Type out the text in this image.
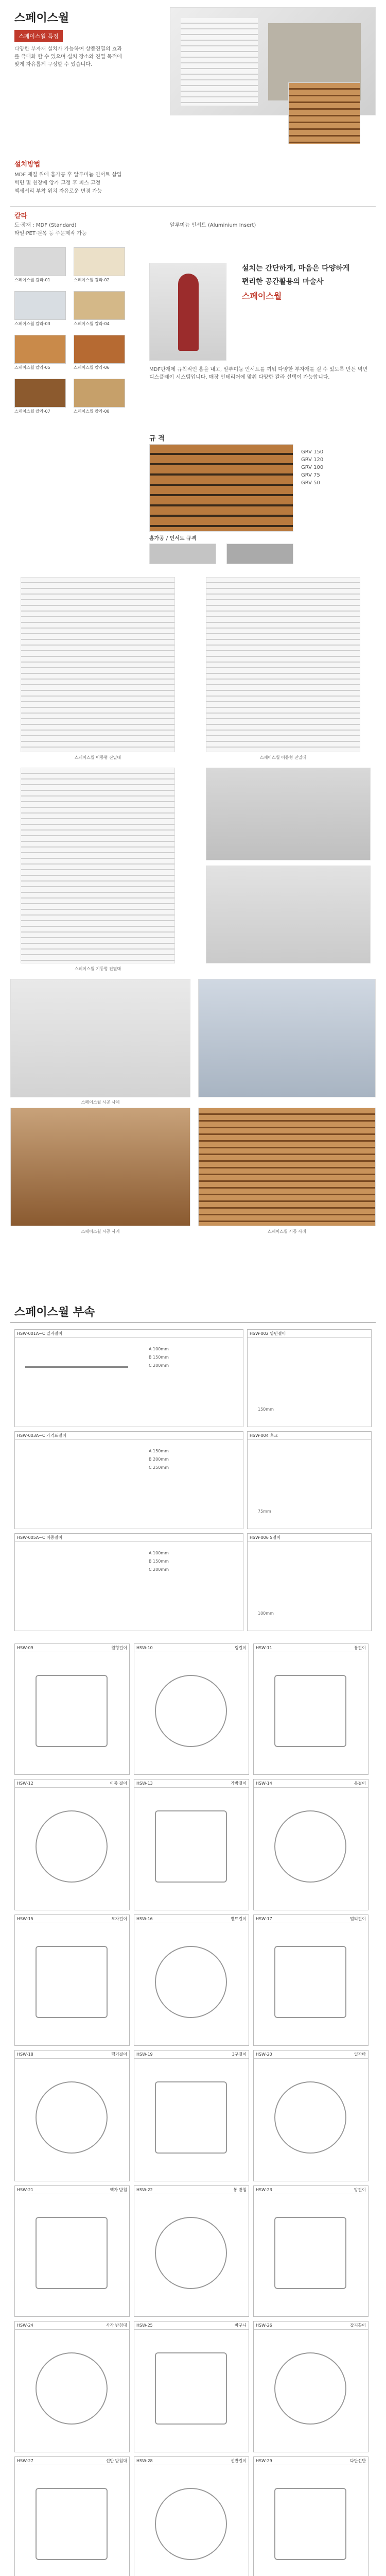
스페이스월
스페이스월 특징
다양한 부자재 설치가 가능하여 상품진열의 효과를 극대화 할 수 있으며 설치 장소와 진열 목적에 맞게 자유롭게 구성할 수 있습니다.
설치방법
MDF 재질 위에 홈가공 후 알루미늄 인서트 삽입
벽면 및 천장에 앙카 고정 후 피스 고정
액세서리 부착 위치 자유로운 변경 가능
칼라
도·장재 : MDF (Standard)	알루미늄 인서트 (Aluminium Insert)
타일·PET·원목 등 주문제작 가능
스페이스월 칼라-01	스페이스월 칼라-02
스페이스월 칼라-03	스페이스월 칼라-04
스페이스월 칼라-05	스페이스월 칼라-06
스페이스월 칼라-07	스페이스월 칼라-08
설치는 간단하게, 마음은 다양하게
편리한 공간활용의 마술사
스페이스월
MDF판재에 규칙적인 홈을 내고, 알루미늄 인서트를 끼워 다양한 부자재를 걸 수 있도록 만든 벽면 디스플레이 시스템입니다. 매장 인테리어에 맞춰 다양한 칼라 선택이 가능합니다.
규 격
GRV 150
GRV 120
GRV 100
GRV 75
GRV 50
홈가공 / 인서트 규격
스페이스월 이동형 진열대	스페이스월 이동형 진열대
스페이스월 기둥형 진열대
스페이스월 시공 사례
스페이스월 시공 사례	스페이스월 시공 사례
스페이스월 부속
HSW-001A~C 일자걸이
A 100mm
B 150mm
C 200mm
HSW-002 양면걸이
150mm
HSW-003A~C 가격표걸이
A 150mm
B 200mm
C 250mm
HSW-004 후크
75mm
HSW-005A~C 이중걸이
A 100mm
B 150mm
C 200mm
HSW-006 S걸이
100mm
HSW-09	원형걸이	HSW-10	링걸이	HSW-11	봉걸이
HSW-12	이중 걸이	HSW-13	가방걸이	HSW-14	옷걸이
HSW-15	모자걸이	HSW-16	벨트걸이	HSW-17	멀티걸이
HSW-18	행거걸이	HSW-19	3구걸이	HSW-20	일자바
HSW-21	액자 받침	HSW-22	봉 받침	HSW-23	망걸이
HSW-24	사각 받침대	HSW-25	바구니	HSW-26	잡지꽂이
HSW-27	선반 받침대	HSW-28	선반걸이	HSW-29	다단선반
